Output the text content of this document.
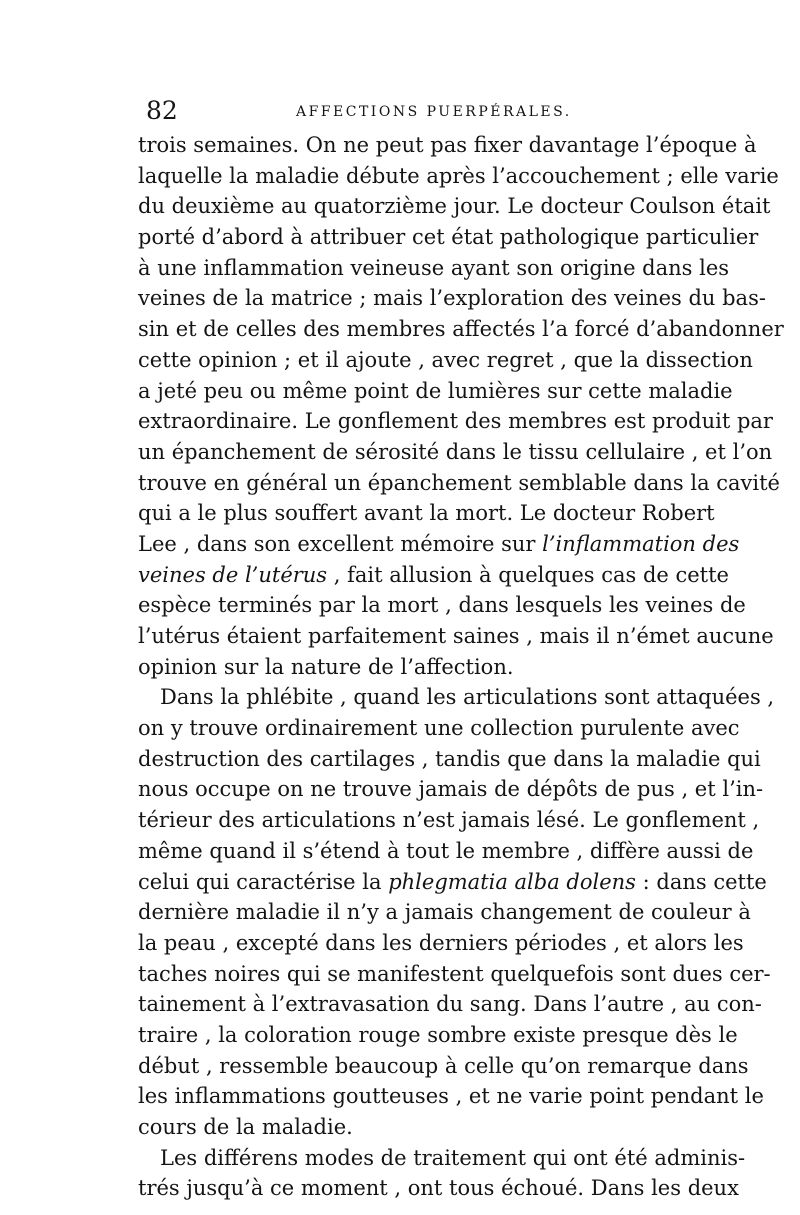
82	AFFECTIONS PUERPÉRALES.
trois semaines. On ne peut pas fixer davantage l’époque à
laquelle la maladie débute après l’accouchement ; elle varie
du deuxième au quatorzième jour. Le docteur Coulson était
porté d’abord à attribuer cet état pathologique particulier
à une inflammation veineuse ayant son origine dans les
veines de la matrice ; mais l’exploration des veines du bas-
sin et de celles des membres affectés l’a forcé d’abandonner
cette opinion ; et il ajoute , avec regret , que la dissection
a jeté peu ou même point de lumières sur cette maladie
extraordinaire. Le gonflement des membres est produit par
un épanchement de sérosité dans le tissu cellulaire , et l’on
trouve en général un épanchement semblable dans la cavité
qui a le plus souffert avant la mort. Le docteur Robert
Lee , dans son excellent mémoire sur l’inflammation des
veines de l’utérus , fait allusion à quelques cas de cette
espèce terminés par la mort , dans lesquels les veines de
l’utérus étaient parfaitement saines , mais il n’émet aucune
opinion sur la nature de l’affection.
Dans la phlébite , quand les articulations sont attaquées ,
on y trouve ordinairement une collection purulente avec
destruction des cartilages , tandis que dans la maladie qui
nous occupe on ne trouve jamais de dépôts de pus , et l’in-
térieur des articulations n’est jamais lésé. Le gonflement ,
même quand il s’étend à tout le membre , diffère aussi de
celui qui caractérise la phlegmatia alba dolens : dans cette
dernière maladie il n’y a jamais changement de couleur à
la peau , excepté dans les derniers périodes , et alors les
taches noires qui se manifestent quelquefois sont dues cer-
tainement à l’extravasation du sang. Dans l’autre , au con-
traire , la coloration rouge sombre existe presque dès le
début , ressemble beaucoup à celle qu’on remarque dans
les inflammations goutteuses , et ne varie point pendant le
cours de la maladie.
Les différens modes de traitement qui ont été adminis-
trés jusqu’à ce moment , ont tous échoué. Dans les deux
